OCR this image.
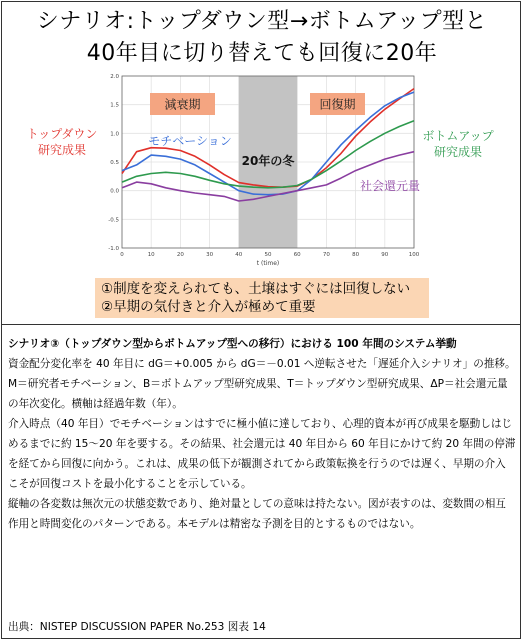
シナリオ:トップダウン型→ボトムアップ型と
40年目に切り替えても回復に20年
0	10	20	30	40	50	60	70	80	90	100
-1.0
-0.5
0.0
0.5
1.0
1.5
2.0
t (time)
減衰期	回復期
20年の冬
トップダウン
研究成果
モチベーション	ボトムアップ
研究成果
社会還元量
①制度を変えられても、土壌はすぐには回復しない
②早期の気付きと介入が極めて重要

シナリオ③（トップダウン型からボトムアップ型への移行）における 100 年間のシステム挙動

資金配分変化率を 40 年目に dG＝+0.005 から dG＝－0.01 へ逆転させた「遅延介入シナリオ」の推移。M＝研究者モチベーション、B＝ボトムアップ型研究成果、T＝トップダウン型研究成果、ΔP＝社会還元量の年次変化。横軸は経過年数（年）。

介入時点（40 年目）でモチベーションはすでに極小値に達しており、心理的資本が再び成果を駆動しはじめるまでに約 15～20 年を要する。その結果、社会還元は 40 年目から 60 年目にかけて約 20 年間の停滞を経てから回復に向かう。これは、成果の低下が観測されてから政策転換を行うのでは遅く、早期の介入こそが回復コストを最小化することを示している。

縦軸の各変数は無次元の状態変数であり、絶対量としての意味は持たない。図が表すのは、変数間の相互作用と時間変化のパターンである。本モデルは精密な予測を目的とするものではない。

出典：NISTEP DISCUSSION PAPER No.253 図表 14
